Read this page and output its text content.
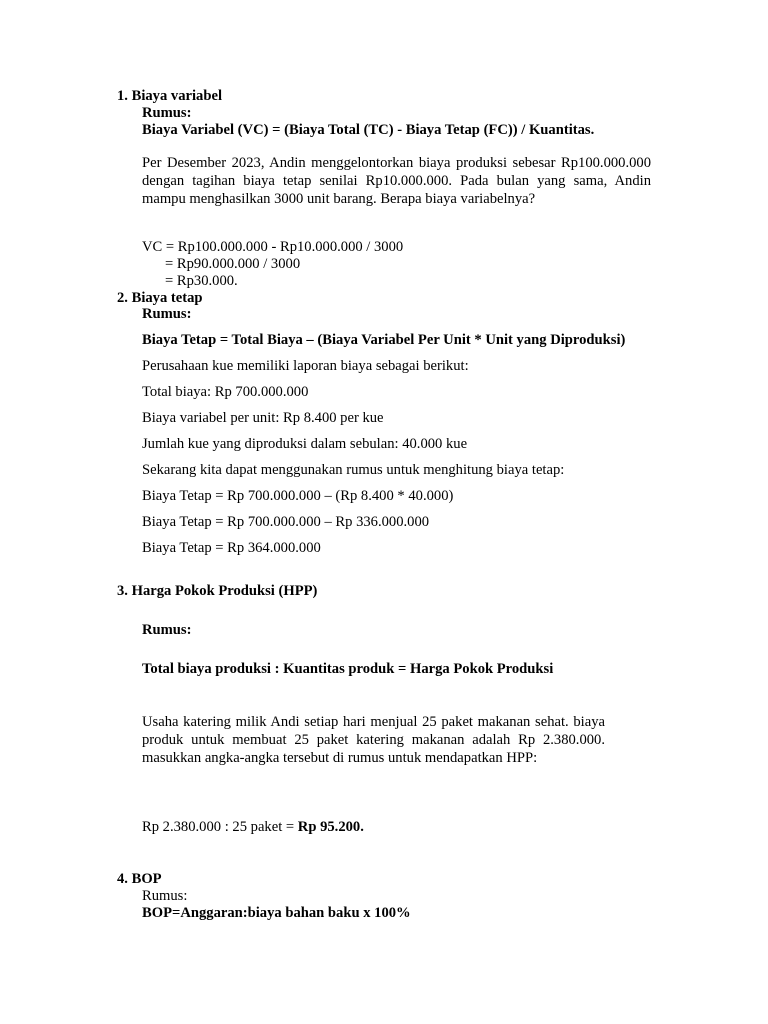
1. Biaya variabel
Rumus:
Biaya Variabel (VC) = (Biaya Total (TC) - Biaya Tetap (FC)) / Kuantitas.
Per Desember 2023, Andin menggelontorkan biaya produksi sebesar Rp100.000.000 dengan tagihan biaya tetap senilai Rp10.000.000. Pada bulan yang sama, Andin mampu menghasilkan 3000 unit barang. Berapa biaya variabelnya?
VC = Rp100.000.000 - Rp10.000.000 / 3000
= Rp90.000.000 / 3000
= Rp30.000.
2. Biaya tetap
Rumus:
Biaya Tetap = Total Biaya – (Biaya Variabel Per Unit * Unit yang Diproduksi)
Perusahaan kue memiliki laporan biaya sebagai berikut:
Total biaya: Rp 700.000.000
Biaya variabel per unit: Rp 8.400 per kue
Jumlah kue yang diproduksi dalam sebulan: 40.000 kue
Sekarang kita dapat menggunakan rumus untuk menghitung biaya tetap:
Biaya Tetap = Rp 700.000.000 – (Rp 8.400 * 40.000)
Biaya Tetap = Rp 700.000.000 – Rp 336.000.000
Biaya Tetap = Rp 364.000.000
3. Harga Pokok Produksi (HPP)
Rumus:
Total biaya produksi : Kuantitas produk = Harga Pokok Produksi
Usaha katering milik Andi setiap hari menjual 25 paket makanan sehat. biaya produk untuk membuat 25 paket katering makanan adalah Rp 2.380.000. masukkan angka-angka tersebut di rumus untuk mendapatkan HPP:
Rp 2.380.000 : 25 paket = Rp 95.200.
4. BOP
Rumus:
BOP=Anggaran:biaya bahan baku x 100%
